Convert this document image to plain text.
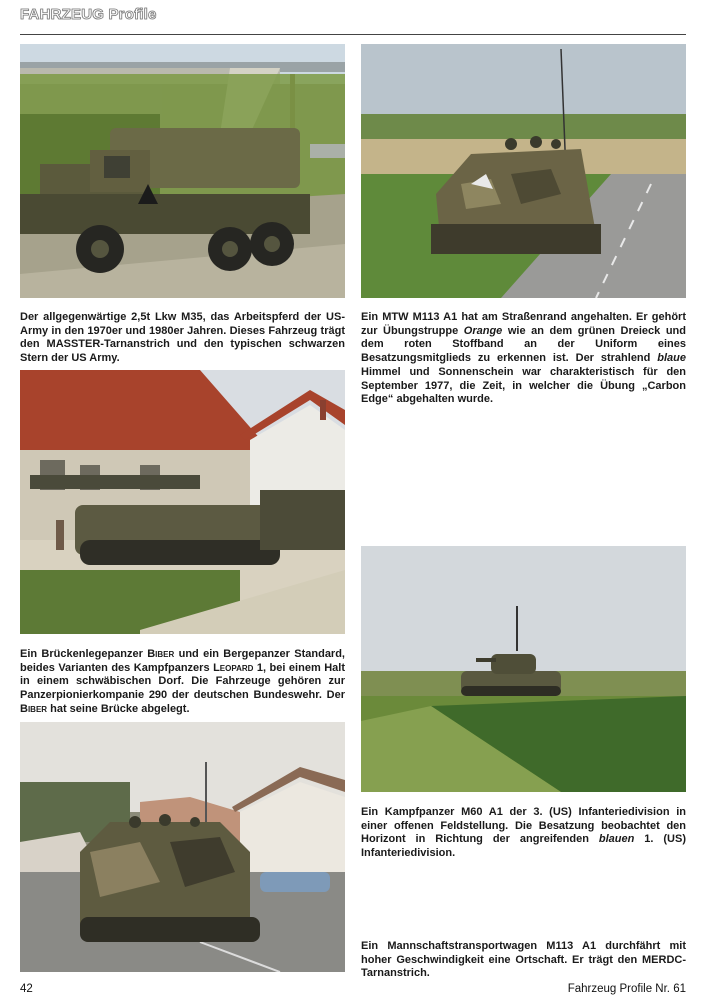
FAHRZEUG Profile
Der allgegenwärtige 2,5t Lkw M35, das Arbeitspferd der US-Army in den 1970er und 1980er Jahren. Dieses Fahrzeug trägt den MASSTER-Tarnanstrich und den typischen schwarzen Stern der US Army.
Ein MTW M113 A1 hat am Straßenrand angehalten. Er gehört zur Übungstruppe Orange wie an dem grünen Dreieck und dem roten Stoffband an der Uniform eines Besatzungsmitglieds zu erkennen ist. Der strahlend blaue Himmel und Sonnenschein war charakteristisch für den September 1977, die Zeit, in welcher die Übung „Carbon Edge“ abgehalten wurde.
Ein Brückenlegepanzer Biber und ein Bergepanzer Standard, beides Varianten des Kampfpanzers Leopard 1, bei einem Halt in einem schwäbischen Dorf. Die Fahrzeuge gehören zur Panzerpionierkompanie 290 der deutschen Bundeswehr. Der Biber hat seine Brücke abgelegt.
Ein Kampfpanzer M60 A1 der 3. (US) Infanteriedivision in einer offenen Feldstellung. Die Besatzung beobachtet den Horizont in Richtung der angreifenden blauen 1. (US) Infanteriedivision.
Ein Mannschaftstransportwagen M113 A1 durchfährt mit hoher Geschwindigkeit eine Ortschaft. Er trägt den MERDC-Tarnanstrich.
42	Fahrzeug Profile Nr. 61
